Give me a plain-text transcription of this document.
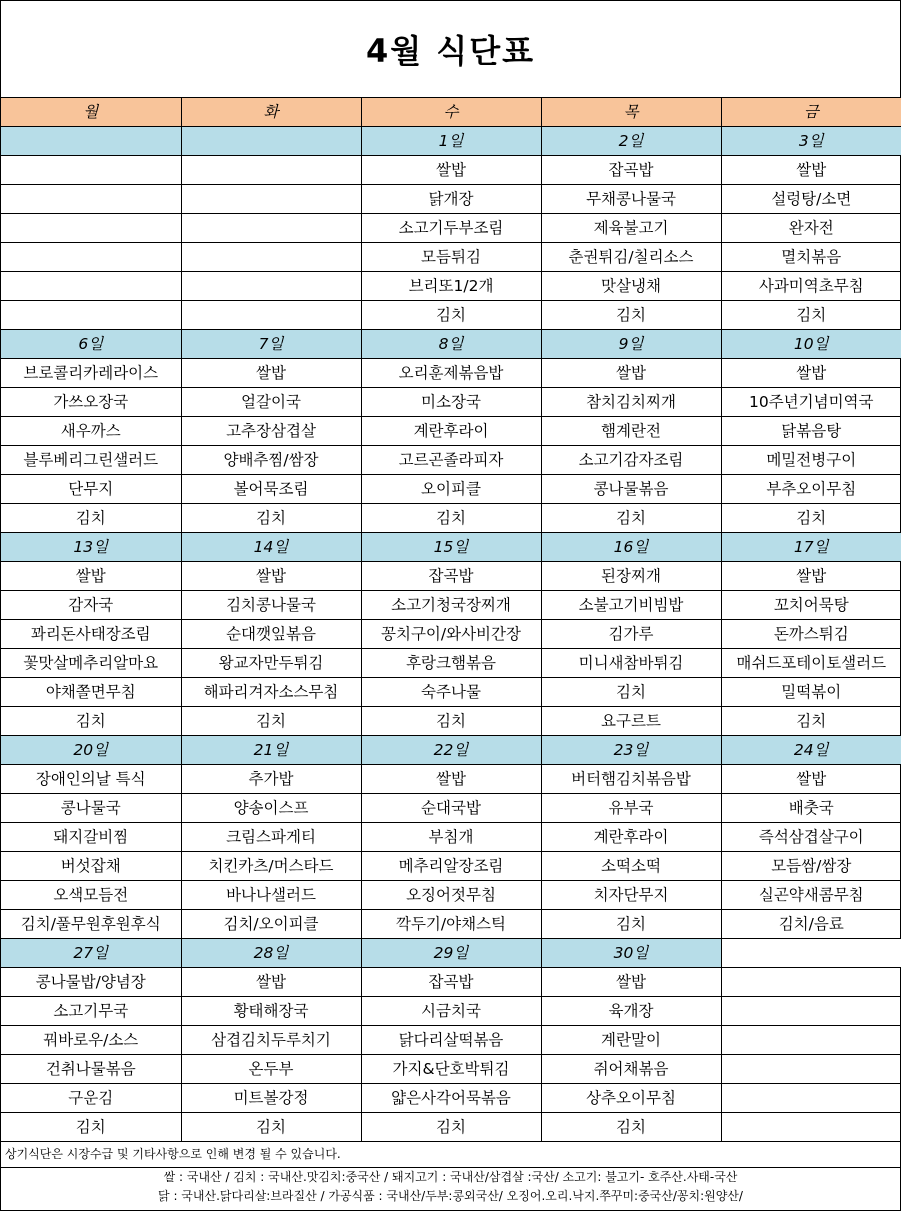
4월 식단표
월	화	수	목	금
		1일	2일	3일
		쌀밥	잡곡밥	쌀밥
		닭개장	무채콩나물국	설렁탕/소면
		소고기두부조림	제육불고기	완자전
		모듬튀김	춘권튀김/칠리소스	멸치볶음
		브리또1/2개	맛살냉채	사과미역초무침
		김치	김치	김치
6일	7일	8일	9일	10일
브로콜리카레라이스	쌀밥	오리훈제볶음밥	쌀밥	쌀밥
가쓰오장국	얼갈이국	미소장국	참치김치찌개	10주년기념미역국
새우까스	고추장삼겹살	계란후라이	햄계란전	닭볶음탕
블루베리그린샐러드	양배추찜/쌈장	고르곤졸라피자	소고기감자조림	메밀전병구이
단무지	볼어묵조림	오이피클	콩나물볶음	부추오이무침
김치	김치	김치	김치	김치
13일	14일	15일	16일	17일
쌀밥	쌀밥	잡곡밥	된장찌개	쌀밥
감자국	김치콩나물국	소고기청국장찌개	소불고기비빔밥	꼬치어묵탕
꽈리돈사태장조림	순대깻잎볶음	꽁치구이/와사비간장	김가루	돈까스튀김
꽃맛살메추리알마요	왕교자만두튀김	후랑크햄볶음	미니새참바튀김	매쉬드포테이토샐러드
야채쫄면무침	해파리겨자소스무침	숙주나물	김치	밀떡볶이
김치	김치	김치	요구르트	김치
20일	21일	22일	23일	24일
장애인의날 특식	추가밥	쌀밥	버터햄김치볶음밥	쌀밥
콩나물국	양송이스프	순대국밥	유부국	배춧국
돼지갈비찜	크림스파게티	부침개	계란후라이	즉석삼겹살구이
버섯잡채	치킨카츠/머스타드	메추리알장조림	소떡소떡	모듬쌈/쌈장
오색모듬전	바나나샐러드	오징어젓무침	치자단무지	실곤약새콤무침
김치/풀무원후원후식	김치/오이피클	깍두기/야채스틱	김치	김치/음료
27일	28일	29일	30일	
콩나물밥/양념장	쌀밥	잡곡밥	쌀밥	
소고기무국	황태해장국	시금치국	육개장	
꿔바로우/소스	삼겹김치두루치기	닭다리살떡볶음	계란말이	
건취나물볶음	온두부	가지&단호박튀김	쥐어채볶음	
구운김	미트볼강정	얇은사각어묵볶음	상추오이무침	
김치	김치	김치	김치	
상기식단은 시장수급 및 기타사항으로 인해 변경 될 수 있습니다.
쌀 : 국내산 / 김치 : 국내산.맛김치:중국산 / 돼지고기 : 국내산/삼겹살 :국산/ 소고기: 불고기- 호주산.사태-국산
닭 : 국내산.닭다리살:브라질산 / 가공식품 : 국내산/두부:콩외국산/ 오징어.오리.낙지.쭈꾸미:중국산/꽁치:원양산/
